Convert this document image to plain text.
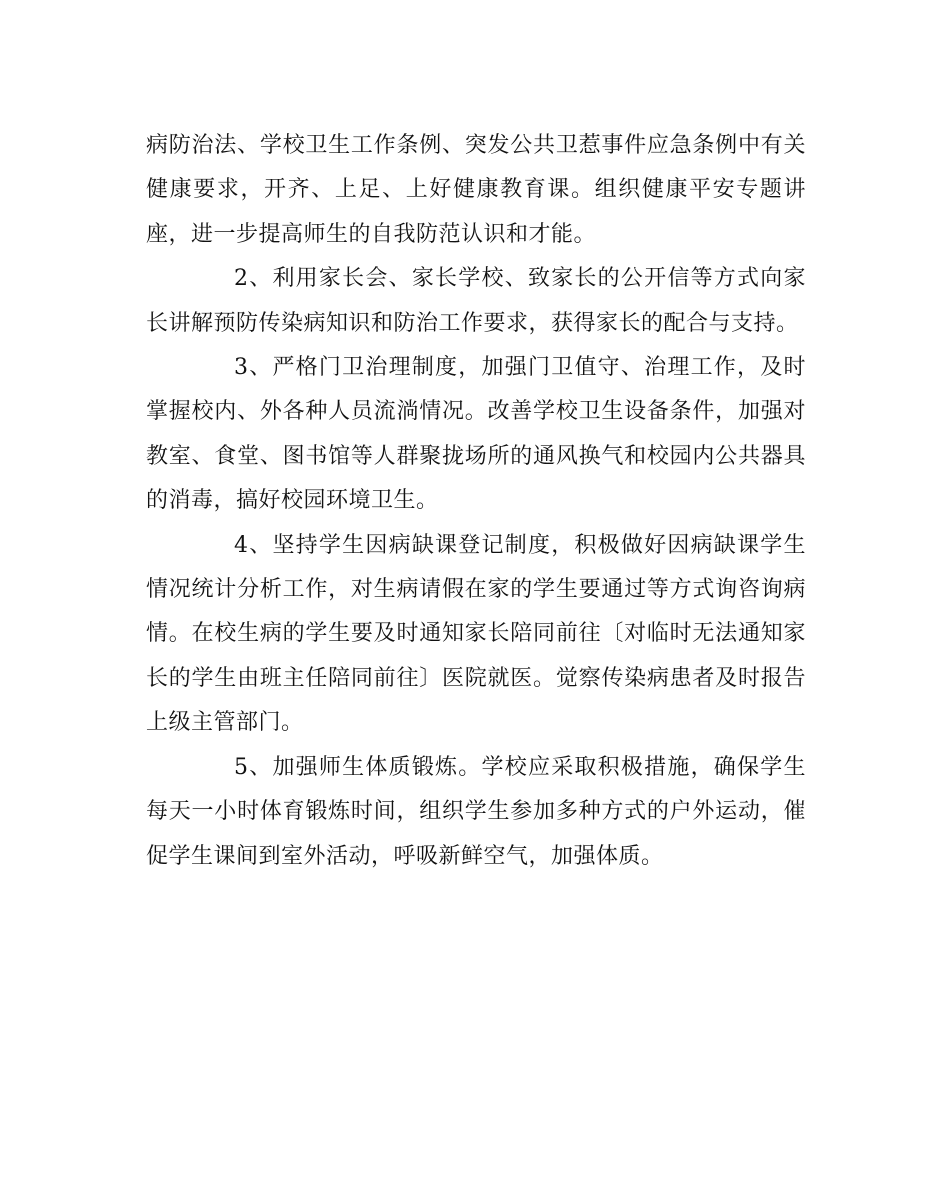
病防治法、学校卫生工作条例、突发公共卫惹事件应急条例中有关健康要求，开齐、上足、上好健康教育课。组织健康平安专题讲座，进一步提高师生的自我防范认识和才能。

2、利用家长会、家长学校、致家长的公开信等方式向家长讲解预防传染病知识和防治工作要求，获得家长的配合与支持。

3、严格门卫治理制度，加强门卫值守、治理工作，及时掌握校内、外各种人员流淌情况。改善学校卫生设备条件，加强对教室、食堂、图书馆等人群聚拢场所的通风换气和校园内公共器具的消毒，搞好校园环境卫生。

4、坚持学生因病缺课登记制度，积极做好因病缺课学生情况统计分析工作，对生病请假在家的学生要通过等方式询咨询病情。在校生病的学生要及时通知家长陪同前往〔对临时无法通知家长的学生由班主任陪同前往〕医院就医。觉察传染病患者及时报告上级主管部门。

5、加强师生体质锻炼。学校应采取积极措施，确保学生每天一小时体育锻炼时间，组织学生参加多种方式的户外运动，催促学生课间到室外活动，呼吸新鲜空气，加强体质。
